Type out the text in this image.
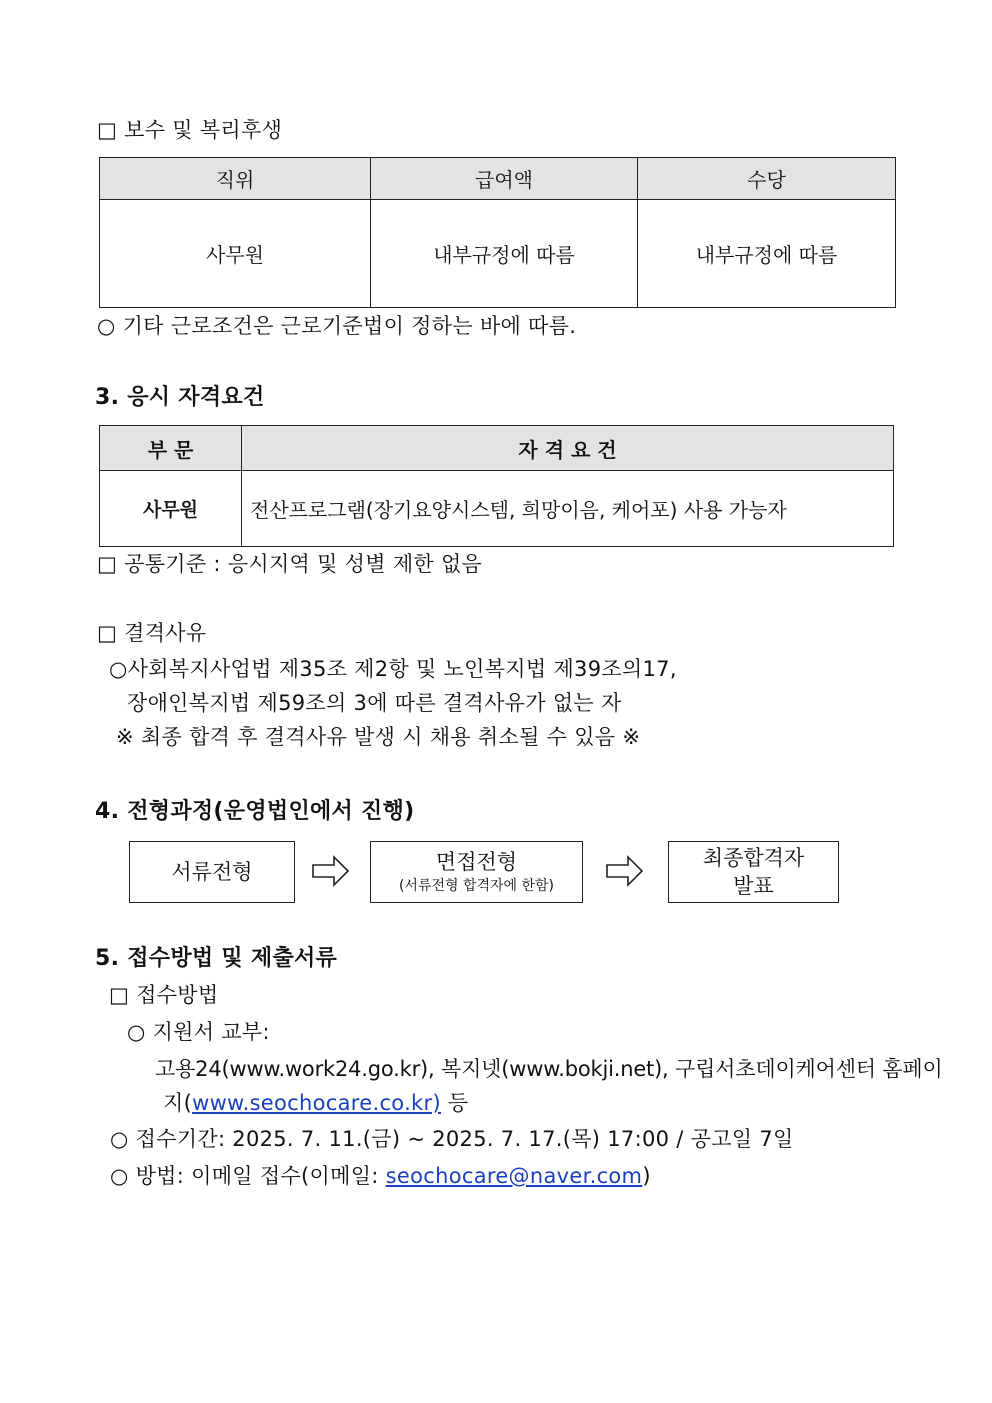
□ 보수 및 복리후생
직위	급여액	수당
사무원	내부규정에 따름	내부규정에 따름
○ 기타 근로조건은 근로기준법이 정하는 바에 따름.
3. 응시 자격요건
부 문	자 격 요 건
사무원	전산프로그램(장기요양시스템, 희망이음, 케어포) 사용 가능자
□ 공통기준 : 응시지역 및 성별 제한 없음
□ 결격사유
○사회복지사업법 제35조 제2항 및 노인복지법 제39조의17,
장애인복지법 제59조의 3에 따른 결격사유가 없는 자
※ 최종 합격 후 결격사유 발생 시 채용 취소될 수 있음 ※
4. 전형과정(운영법인에서 진행)
서류전형	면접전형
(서류전형 합격자에 한함)
최종합격자
발표
5. 접수방법 및 제출서류
□ 접수방법
○ 지원서 교부:
고용24(www.work24.go.kr), 복지넷(www.bokji.net), 구립서초데이케어센터 홈페이
지(www.seochocare.co.kr) 등
○ 접수기간: 2025. 7. 11.(금) ~ 2025. 7. 17.(목) 17:00 / 공고일 7일
○ 방법: 이메일 접수(이메일: seochocare@naver.com)
